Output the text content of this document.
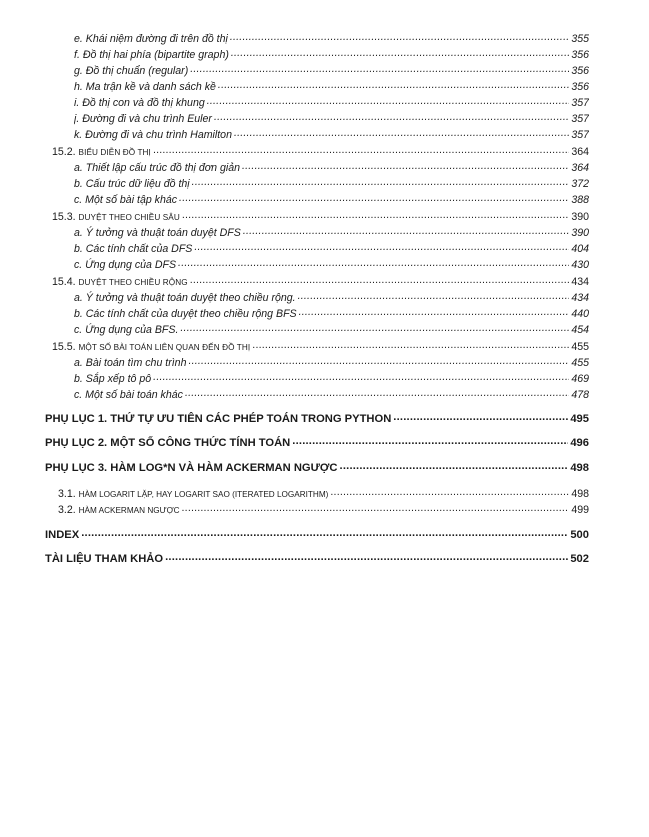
e. Khái niệm đường đi trên đồ thị .....	355
f. Đồ thị hai phía (bipartite graph) .....	356
g. Đồ thị chuẩn (regular) .....	356
h. Ma trận kề và danh sách kề .....	356
i. Đồ thị con và đồ thị khung .....	357
j. Đường đi và chu trình Euler .....	357
k. Đường đi và chu trình Hamilton .....	357
15.2. BIỂU DIỄN ĐỒ THỊ .....	364
a. Thiết lập cấu trúc đồ thị đơn giản .....	364
b. Cấu trúc dữ liệu đồ thị .....	372
c. Một số bài tập khác .....	388
15.3. DUYỆT THEO CHIỀU SÂU .....	390
a. Ý tưởng và thuật toán duyệt DFS .....	390
b. Các tính chất của DFS .....	404
c. Ứng dụng của DFS .....	430
15.4. DUYỆT THEO CHIỀU RỘNG .....	434
a. Ý tưởng và thuật toán duyệt theo chiều rộng. .....	434
b. Các tính chất của duyệt theo chiều rộng BFS .....	440
c. Ứng dụng của BFS. .....	454
15.5. MỘT SỐ BÀI TOÁN LIÊN QUAN ĐẾN ĐỒ THỊ .....	455
a. Bài toán tìm chu trình .....	455
b. Sắp xếp tô pô .....	469
c. Một số bài toán khác .....	478
PHỤ LỤC 1. THỨ TỰ ƯU TIÊN CÁC PHÉP TOÁN TRONG PYTHON .....	495
PHỤ LỤC 2. MỘT SỐ CÔNG THỨC TÍNH TOÁN .....	496
PHỤ LỤC 3. HÀM LOG*N VÀ HÀM ACKERMAN NGƯỢC .....	498
3.1. HÀM LOGARIT LẶP, HAY LOGARIT SAO (ITERATED LOGARITHM) .....	498
3.2. HÀM ACKERMAN NGƯỢC .....	499
INDEX .....	500
TÀI LIỆU THAM KHẢO .....	502
